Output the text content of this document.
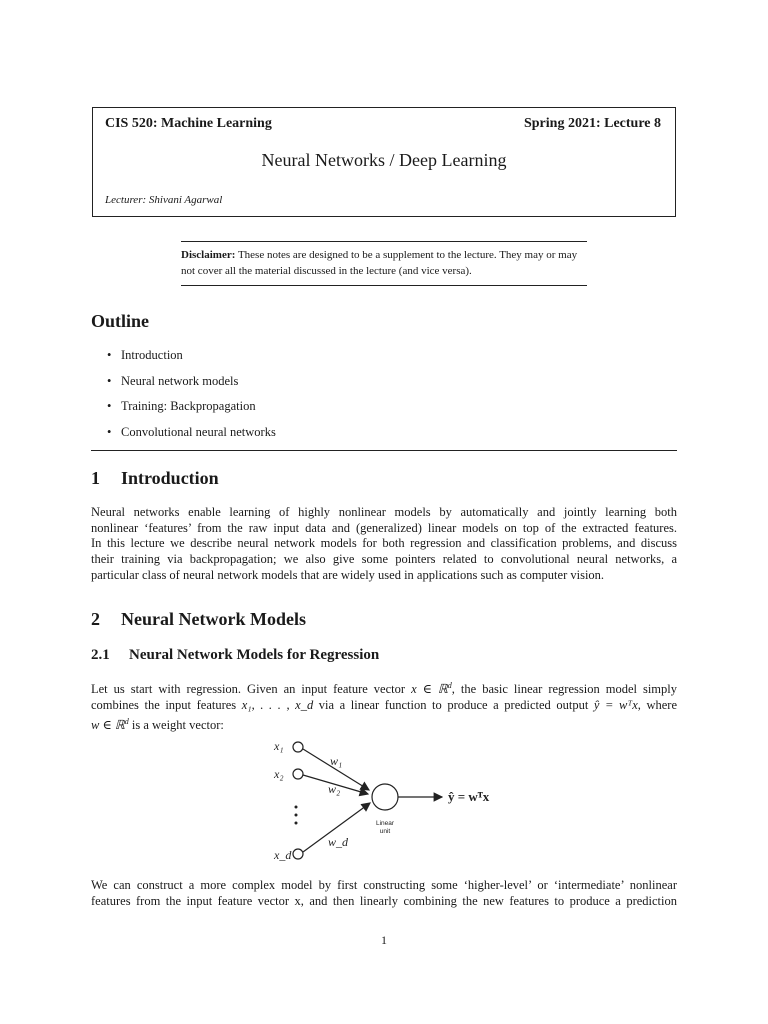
CIS 520: Machine Learning	Spring 2021: Lecture 8
Neural Networks / Deep Learning
Lecturer: Shivani Agarwal
Disclaimer: These notes are designed to be a supplement to the lecture. They may or may not cover all the material discussed in the lecture (and vice versa).
Outline
• Introduction
• Neural network models
• Training: Backpropagation
• Convolutional neural networks
1 Introduction
Neural networks enable learning of highly nonlinear models by automatically and jointly learning both
nonlinear ‘features’ from the raw input data and (generalized) linear models on top of the extracted features.
In this lecture we describe neural network models for both regression and classification problems, and discuss
their training via backpropagation; we also give some pointers related to convolutional neural networks, a
particular class of neural network models that are widely used in applications such as computer vision.
2 Neural Network Models
2.1 Neural Network Models for Regression
Let us start with regression. Given an input feature vector x ∈ ℝ$^d$, the basic linear regression model simply
combines the input features x₁, . . . , x_d via a linear function to produce a predicted output ŷ = wᵀx, where
w ∈ ℝ$^d$ is a weight vector:
x₁
x₂
x_d
w₁
w₂
w_d
Linear
unit
ŷ = wᵀx
We can construct a more complex model by first constructing some ‘higher-level’ or ‘intermediate’ nonlinear
features from the input feature vector x, and then linearly combining the new features to produce a prediction
1
